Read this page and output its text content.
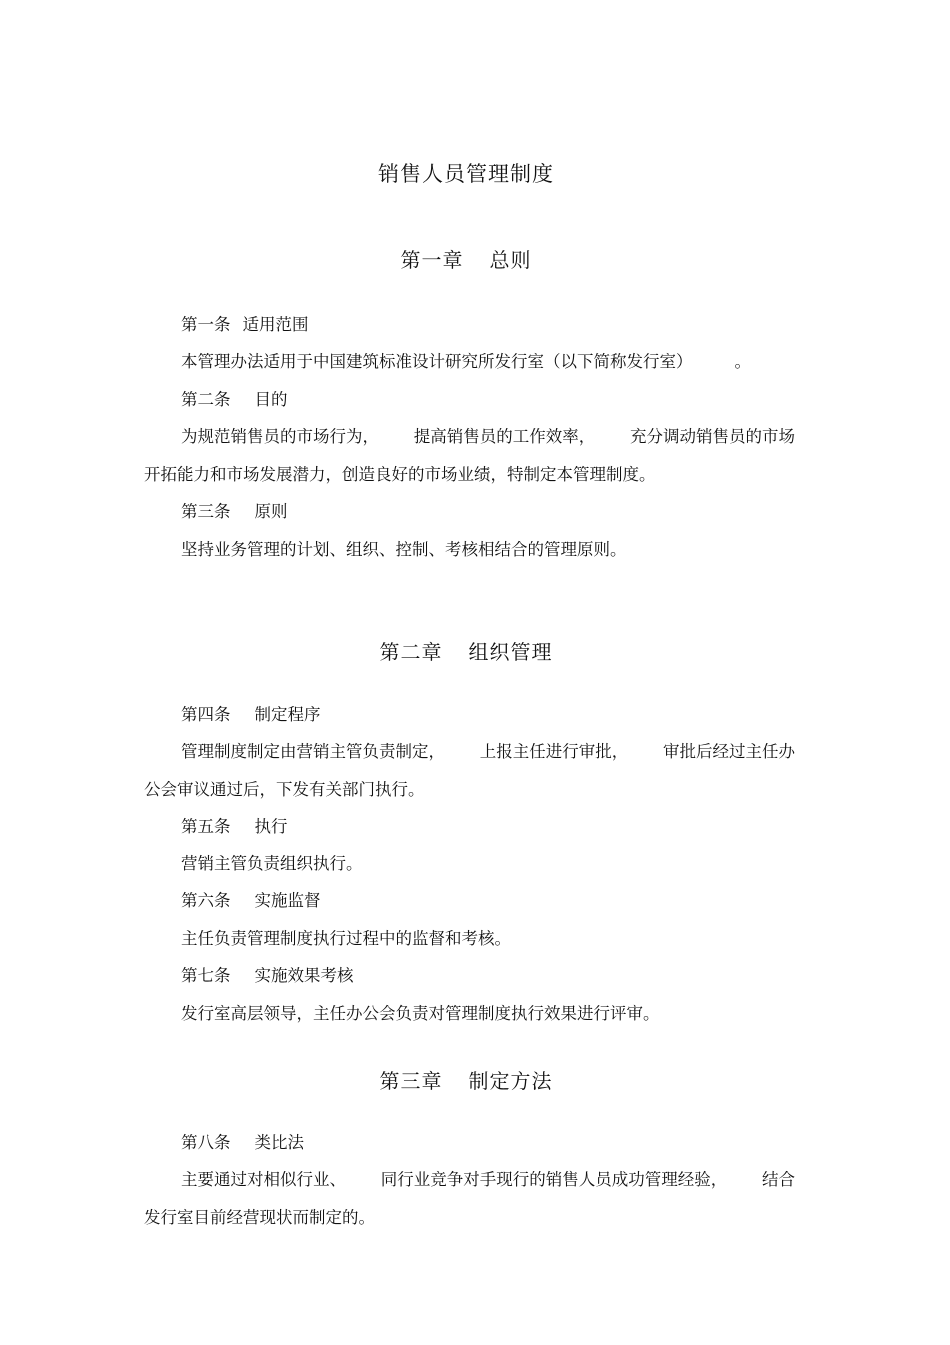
销售人员管理制度
第一章 总则
第一条 适用范围
本管理办法适用于中国建筑标准设计研究所发行室（以下简称发行室）	。
第二条 目的
为规范销售员的市场行为， 提高销售员的工作效率， 充分调动销售员的市场
开拓能力和市场发展潜力，创造良好的市场业绩，特制定本管理制度。
第三条 原则
坚持业务管理的计划、组织、控制、考核相结合的管理原则。
第二章 组织管理
第四条 制定程序
管理制度制定由营销主管负责制定， 上报主任进行审批， 审批后经过主任办
公会审议通过后，下发有关部门执行。
第五条 执行
营销主管负责组织执行。
第六条 实施监督
主任负责管理制度执行过程中的监督和考核。
第七条 实施效果考核
发行室高层领导，主任办公会负责对管理制度执行效果进行评审。
第三章 制定方法
第八条 类比法
主要通过对相似行业、 同行业竞争对手现行的销售人员成功管理经验， 结合
发行室目前经营现状而制定的。
